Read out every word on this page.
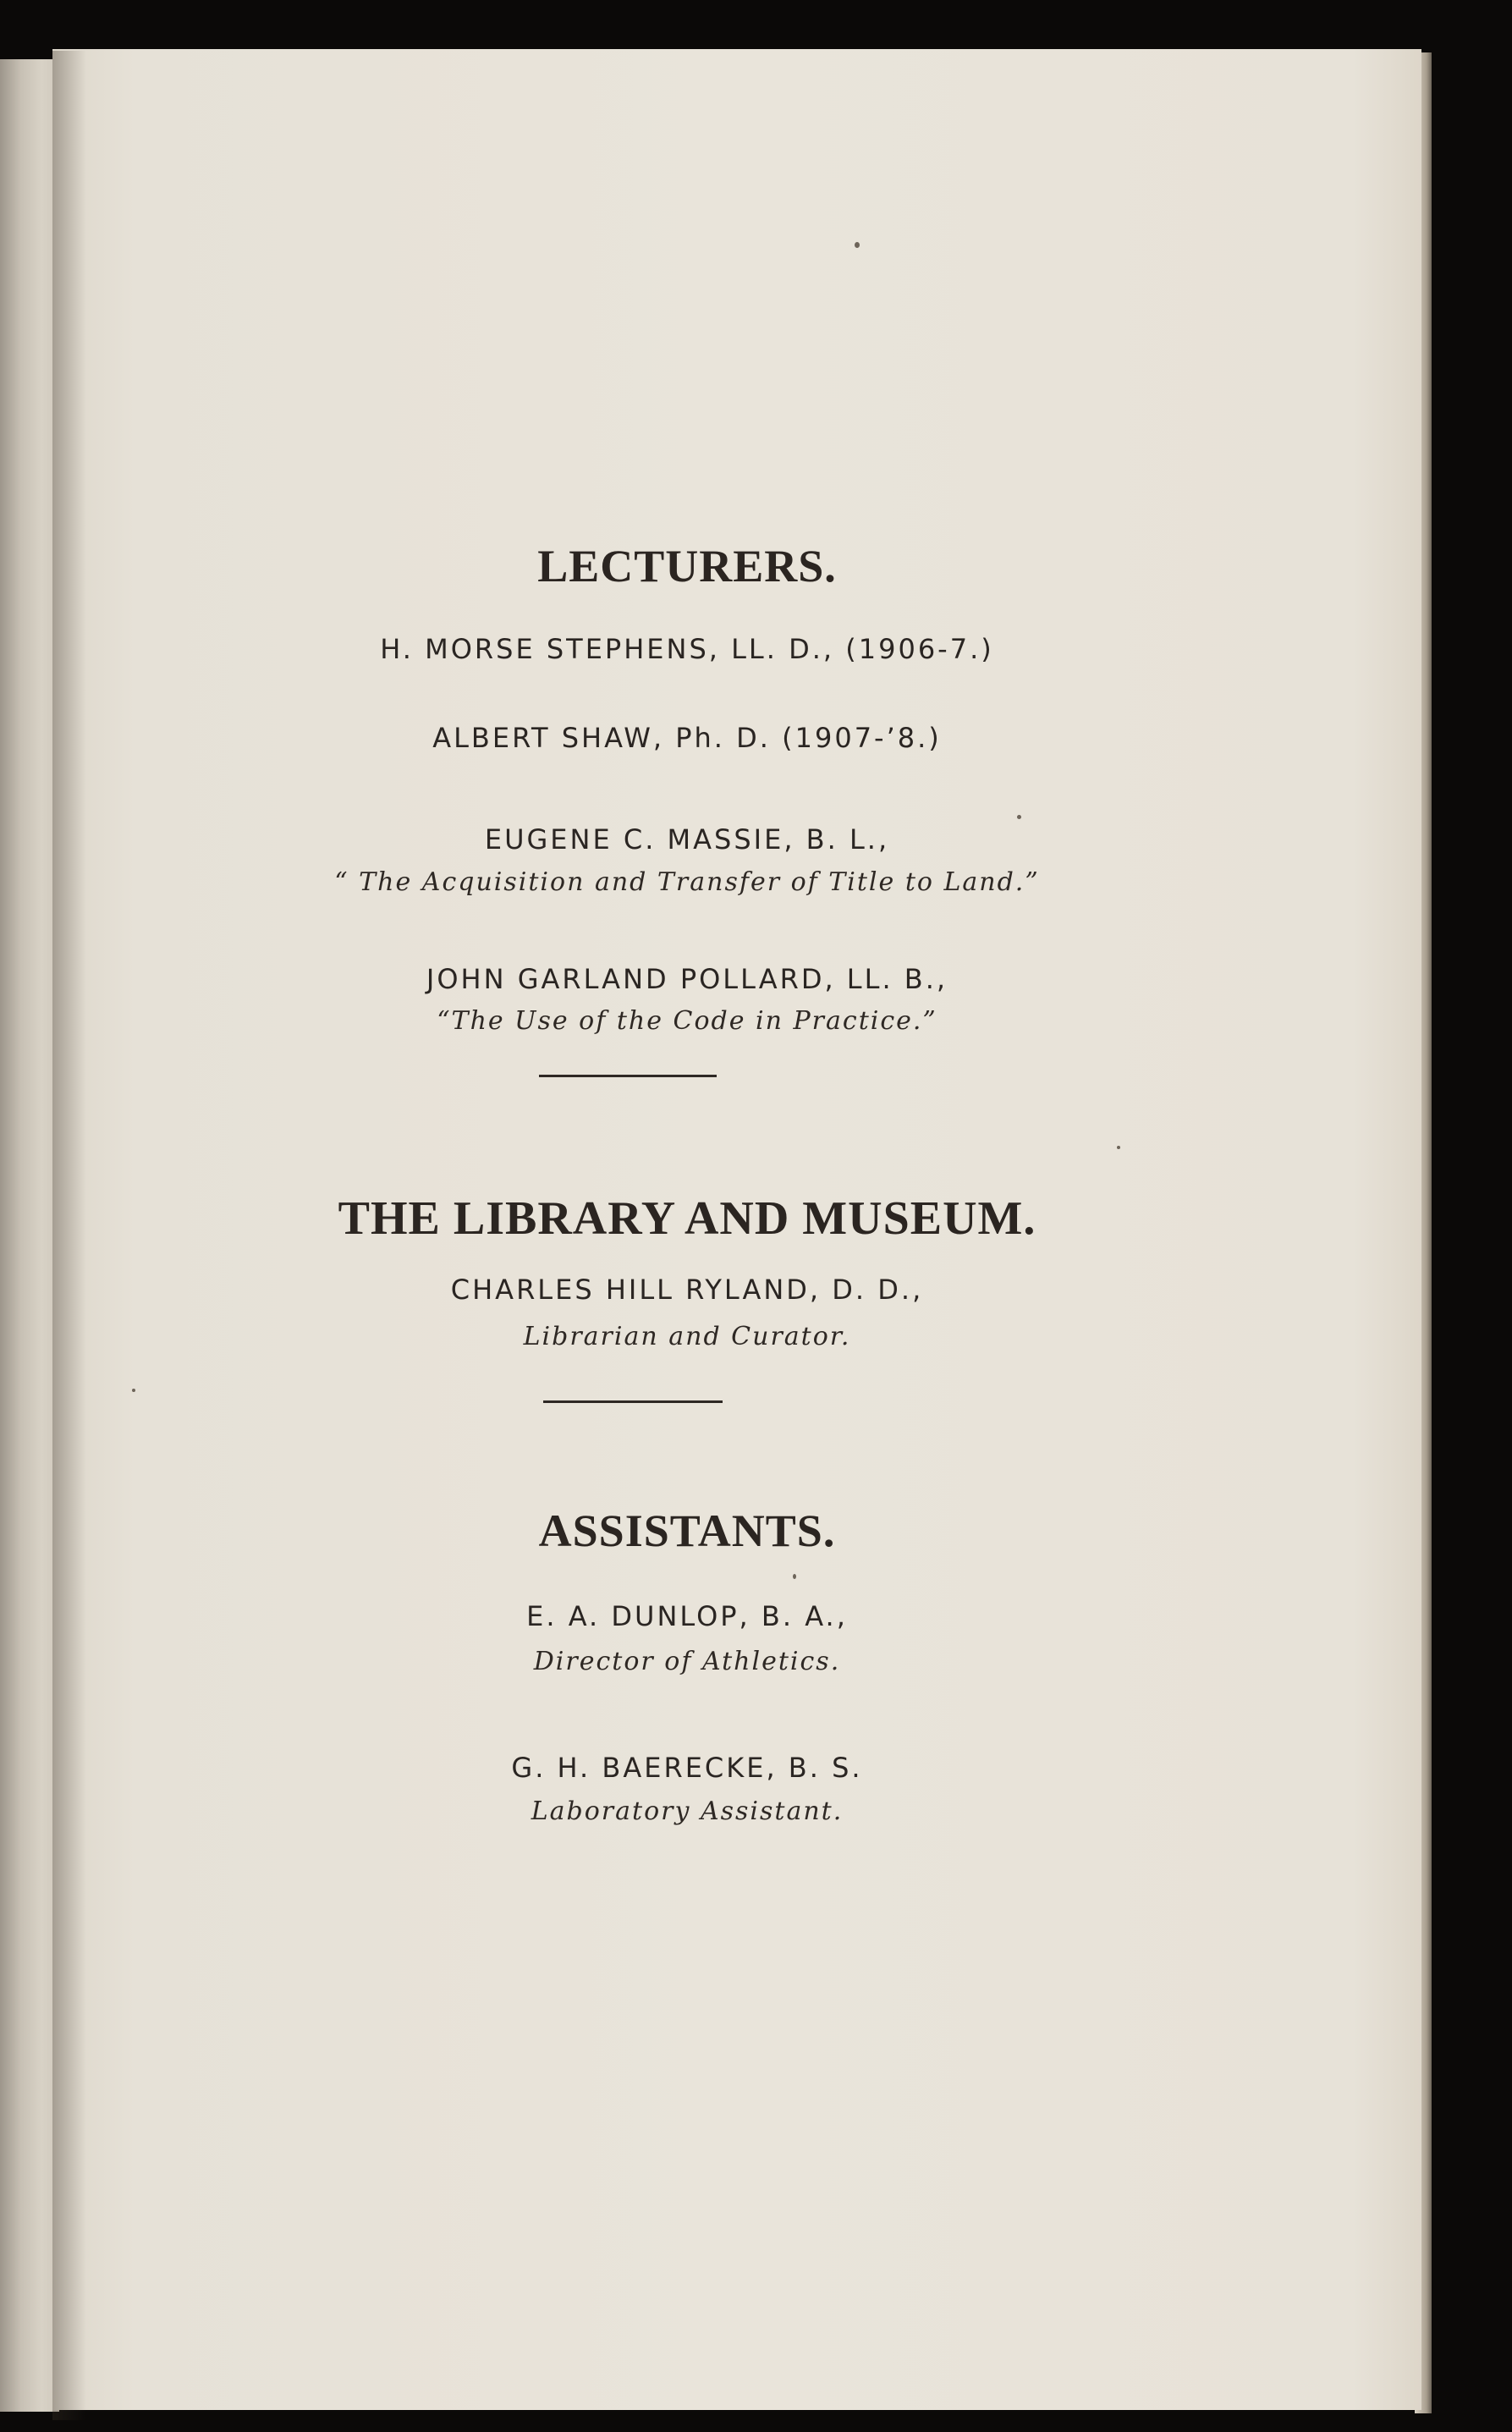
LECTURERS.
H. MORSE STEPHENS, LL. D., (1906-7.)
ALBERT SHAW, Ph. D. (1907-’8.)
EUGENE C. MASSIE, B. L.,
“ The Acquisition and Transfer of Title to Land.”
JOHN GARLAND POLLARD, LL. B.,
“The Use of the Code in Practice.”
THE LIBRARY AND MUSEUM.
CHARLES HILL RYLAND, D. D.,
Librarian and Curator.
ASSISTANTS.
E. A. DUNLOP, B. A.,
Director of Athletics.
G. H. BAERECKE, B. S.
Laboratory Assistant.
